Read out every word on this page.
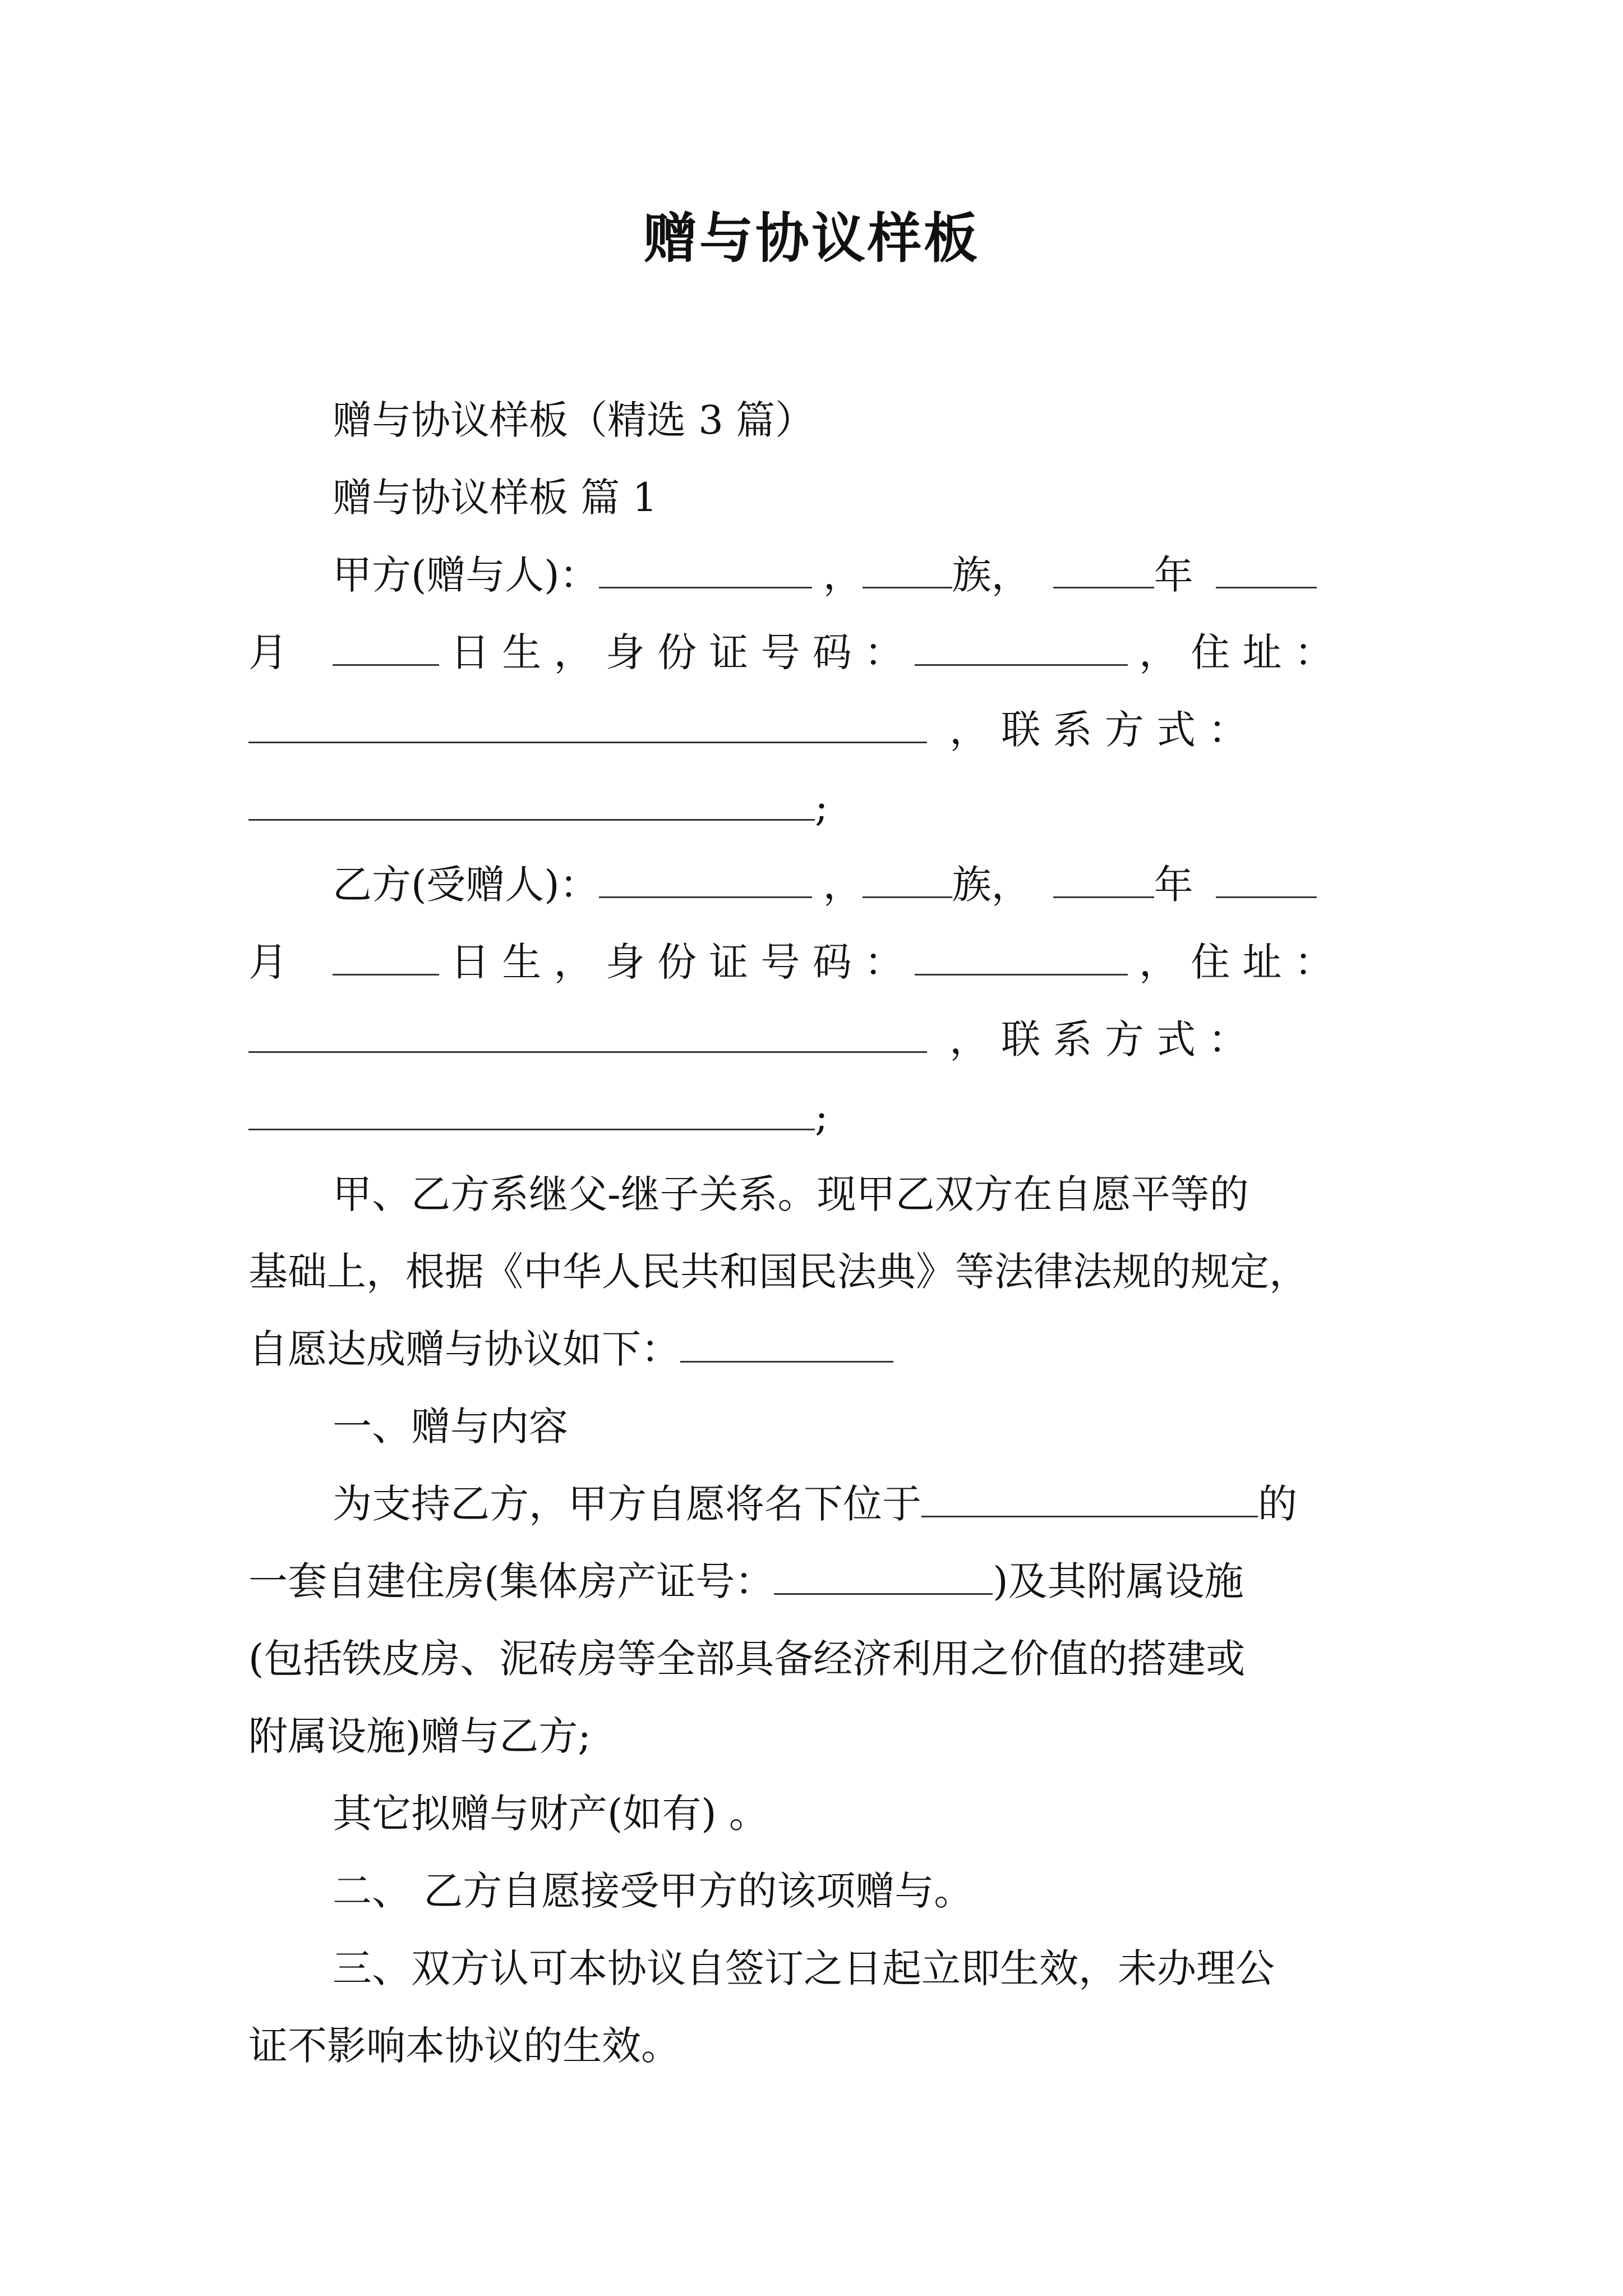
赠与协议样板
赠与协议样板（精选 3 篇）
赠与协议样板 篇 1
甲方(赠与人)：	， 族，	年
月	日 生 ， 身 份 证 号 码 ：	， 住 址 ：
， 联 系 方 式 ：
;
乙方(受赠人)：	， 族，	年
月	日 生 ， 身 份 证 号 码 ：	， 住 址 ：
， 联 系 方 式 ：
;
甲、乙方系继父-继子关系。现甲乙双方在自愿平等的
基础上，根据《中华人民共和国民法典》等法律法规的规定，
自愿达成赠与协议如下：
一、赠与内容
为支持乙方，甲方自愿将名下位于	的
一套自建住房(集体房产证号：	)及其附属设施
(包括铁皮房、泥砖房等全部具备经济利用之价值的搭建或
附属设施)赠与乙方;
其它拟赠与财产(如有) 。
二、 乙方自愿接受甲方的该项赠与。
三、双方认可本协议自签订之日起立即生效，未办理公
证不影响本协议的生效。
